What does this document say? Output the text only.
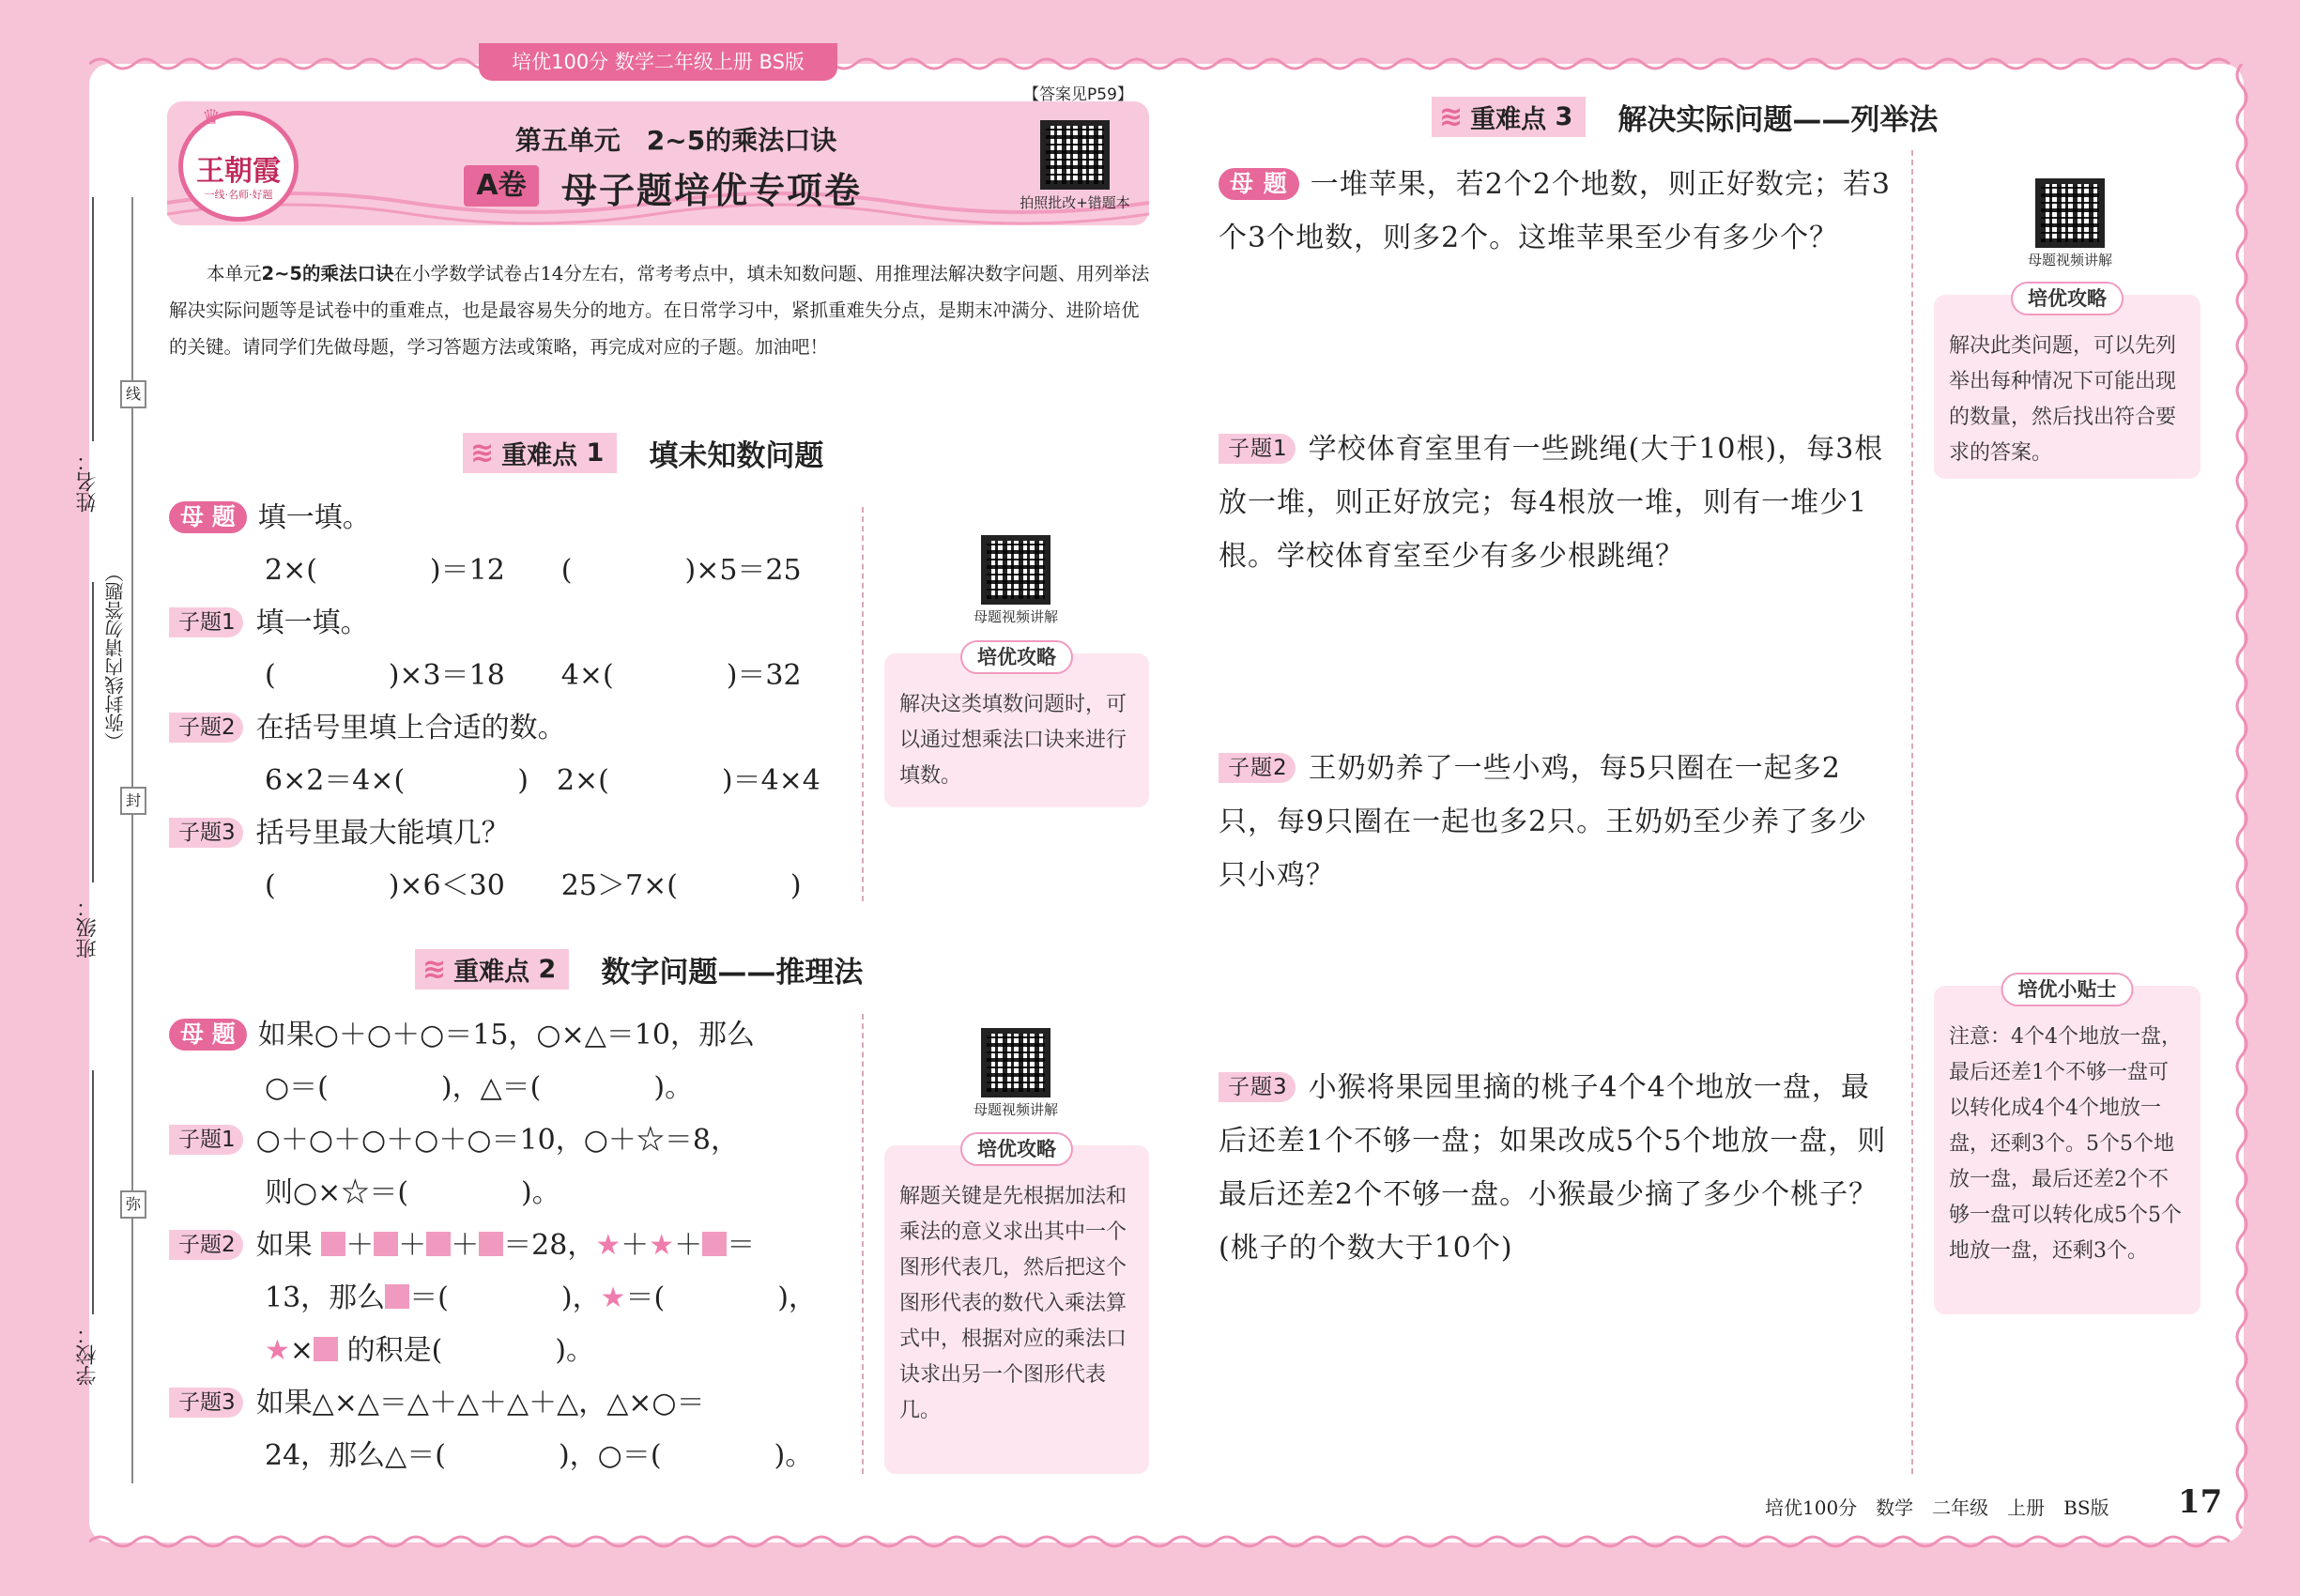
培优100分 数学二年级上册 BS版
姓名：
班级：
学校：
（弥封线内请勿答题）
线
封
弥
♛
王朝霞
一线·名师·好题
第五单元　2~5的乘法口诀
A卷 母子题培优专项卷
【答案见P59】
拍照批改+错题本
本单元2~5的乘法口诀在小学数学试卷占14分左右，常考考点中，填未知数问题、用推理法解决数字问题、用列举法解决实际问题等是试卷中的重难点，也是最容易失分的地方。在日常学习中，紧抓重难失分点，是期末冲满分、进阶培优的关键。请同学们先做母题，学习答题方法或策略，再完成对应的子题。加油吧！
≋ 重难点
1 填未知数问题
母 题 填一填。
2×(　　　　)＝12　　(　　　　)×5＝25
子题1 填一填。
(　　　　)×3＝18　　4×(　　　　)＝32
子题2 在括号里填上合适的数。
6×2＝4×(　　　　)　2×(　　　　)＝4×4
子题3 括号里最大能填几？
(　　　　)×6＜30　　25＞7×(　　　　)
母题视频讲解
培优攻略
解决这类填数问题时，可以通过想乘法口诀来进行填数。
≋ 重难点
2 数字问题——推理法
母 题 如果○＋○＋○＝15，○×△＝10，那么
○＝(　　　　)，△＝(　　　　)。
子题1 ○＋○＋○＋○＋○＝10，○＋☆＝8，
则○×☆＝(　　　　)。
子题2 如果 ＋ ＋ ＋ ＝28，★＋★＋ ＝
13，那么 ＝(　　　　)，★＝(　　　　)，
★× 的积是(　　　　)。
子题3 如果△×△＝△＋△＋△＋△，△×○＝
24，那么△＝(　　　　)，○＝(　　　　)。
母题视频讲解
培优攻略
解题关键是先根据加法和乘法的意义求出其中一个图形代表几，然后把这个图形代表的数代入乘法算式中，根据对应的乘法口诀求出另一个图形代表几。
≋ 重难点
3 解决实际问题——列举法
母 题 一堆苹果，若2个2个地数，则正好数完；若3个3个地数，则多2个。这堆苹果至少有多少个？
子题1 学校体育室里有一些跳绳(大于10根)，每3根放一堆，则正好放完；每4根放一堆，则有一堆少1根。学校体育室至少有多少根跳绳？
子题2 王奶奶养了一些小鸡，每5只圈在一起多2只，每9只圈在一起也多2只。王奶奶至少养了多少只小鸡？
子题3 小猴将果园里摘的桃子4个4个地放一盘，最后还差1个不够一盘；如果改成5个5个地放一盘，则最后还差2个不够一盘。小猴最少摘了多少个桃子？(桃子的个数大于10个)
母题视频讲解
培优攻略
解决此类问题，可以先列举出每种情况下可能出现的数量，然后找出符合要求的答案。
培优小贴士
注意：4个4个地放一盘，最后还差1个不够一盘可以转化成4个4个地放一盘，还剩3个。5个5个地放一盘，最后还差2个不够一盘可以转化成5个5个地放一盘，还剩3个。
培优100分　数学　二年级　上册　BS版 17
